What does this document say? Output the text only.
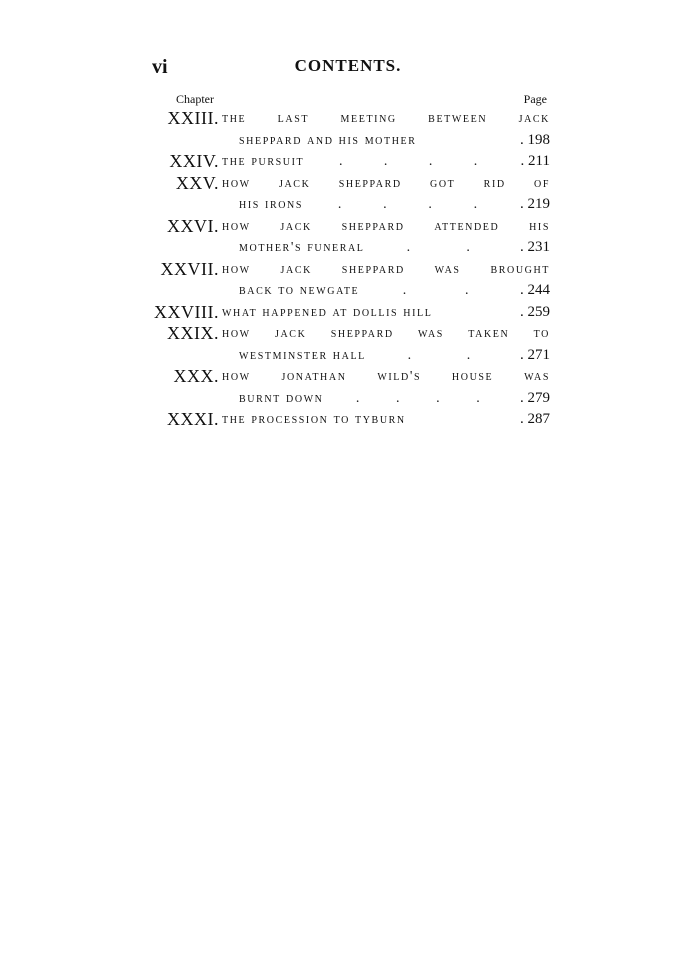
vi	CONTENTS.
Chapter	Page
XXIII. the last meeting between jack
sheppard and his mother	. 198
XXIV. the pursuit .	.	.	.	. 211
XXV. how jack sheppard got rid of
his irons .	.	.	.	. 219
XXVI. how jack sheppard attended his
mother's funeral	.	.	. 231
XXVII. how jack sheppard was brought
back to newgate	.	.	. 244
XXVIII. what happened at dollis hill	. 259
XXIX. how jack sheppard was taken to
westminster hall	.	.	. 271
XXX. how jonathan wild's house was
burnt down .	.	.	.	. 279
XXXI. the procession to tyburn	. 287
